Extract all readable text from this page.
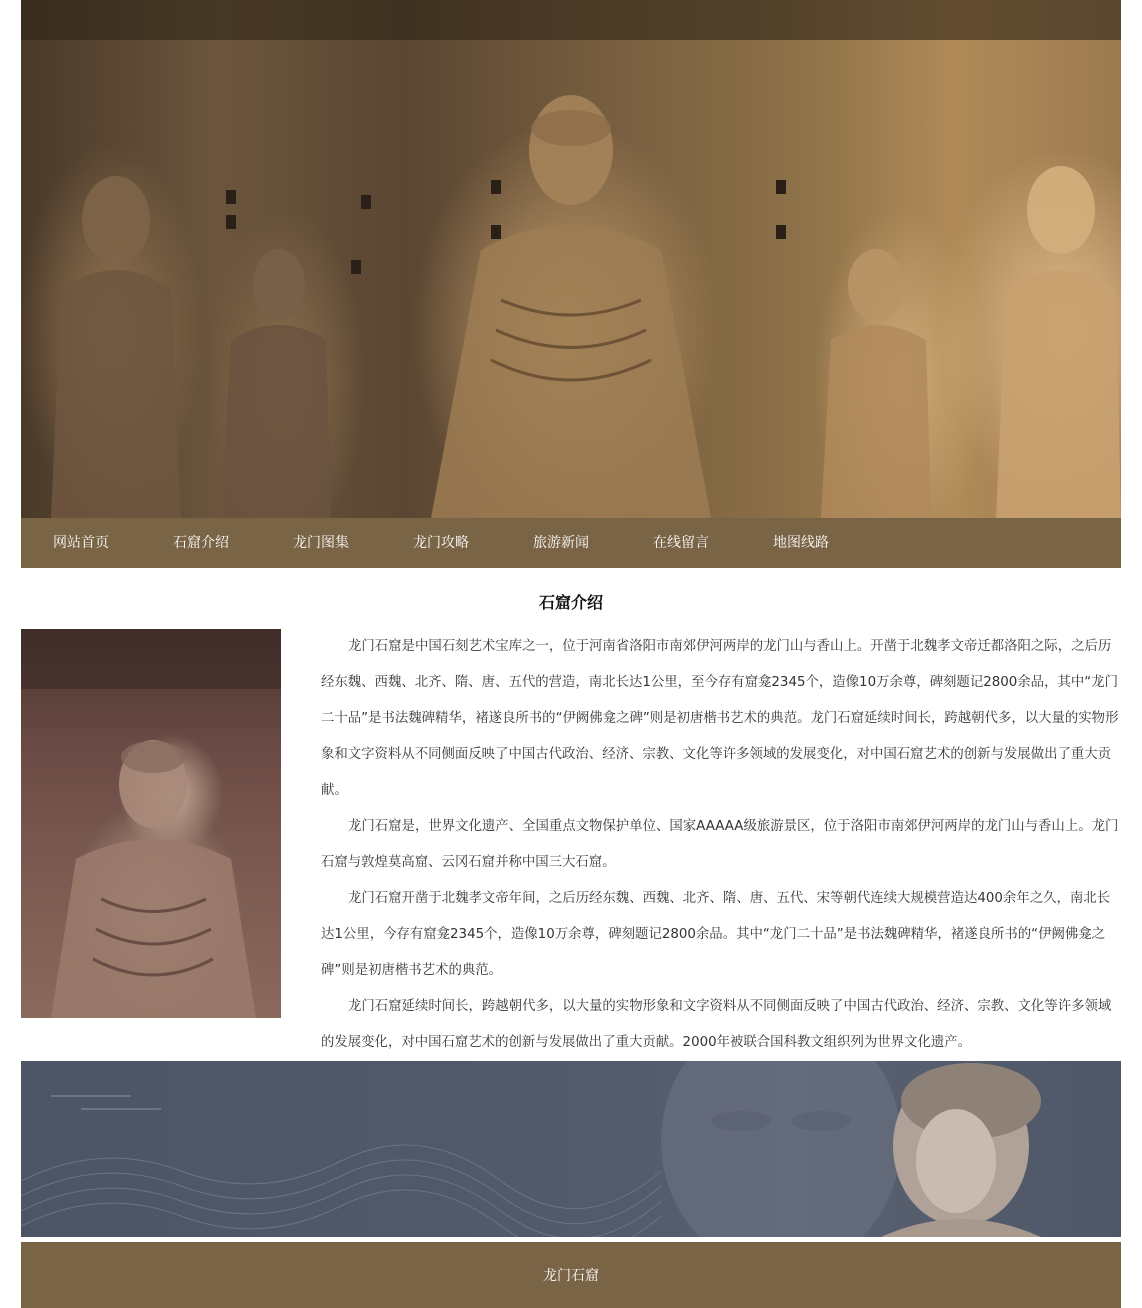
网站首页	石窟介绍	龙门图集	龙门攻略	旅游新闻	在线留言	地图线路
石窟介绍

龙门石窟是中国石刻艺术宝库之一，位于河南省洛阳市南郊伊河两岸的龙门山与香山上。开凿于北魏孝文帝迁都洛阳之际，之后历经东魏、西魏、北齐、隋、唐、五代的营造，南北长达1公里，至今存有窟龛2345个，造像10万余尊，碑刻题记2800余品，其中“龙门二十品”是书法魏碑精华，褚遂良所书的“伊阙佛龛之碑”则是初唐楷书艺术的典范。龙门石窟延续时间长，跨越朝代多，以大量的实物形象和文字资料从不同侧面反映了中国古代政治、经济、宗教、文化等许多领域的发展变化，对中国石窟艺术的创新与发展做出了重大贡献。

龙门石窟是，世界文化遗产、全国重点文物保护单位、国家AAAAA级旅游景区，位于洛阳市南郊伊河两岸的龙门山与香山上。龙门石窟与敦煌莫高窟、云冈石窟并称中国三大石窟。

龙门石窟开凿于北魏孝文帝年间，之后历经东魏、西魏、北齐、隋、唐、五代、宋等朝代连续大规模营造达400余年之久，南北长达1公里，今存有窟龛2345个，造像10万余尊，碑刻题记2800余品。其中“龙门二十品”是书法魏碑精华，褚遂良所书的“伊阙佛龛之碑”则是初唐楷书艺术的典范。

龙门石窟延续时间长，跨越朝代多，以大量的实物形象和文字资料从不同侧面反映了中国古代政治、经济、宗教、文化等许多领域的发展变化，对中国石窟艺术的创新与发展做出了重大贡献。2000年被联合国科教文组织列为世界文化遗产。

龙门石窟
